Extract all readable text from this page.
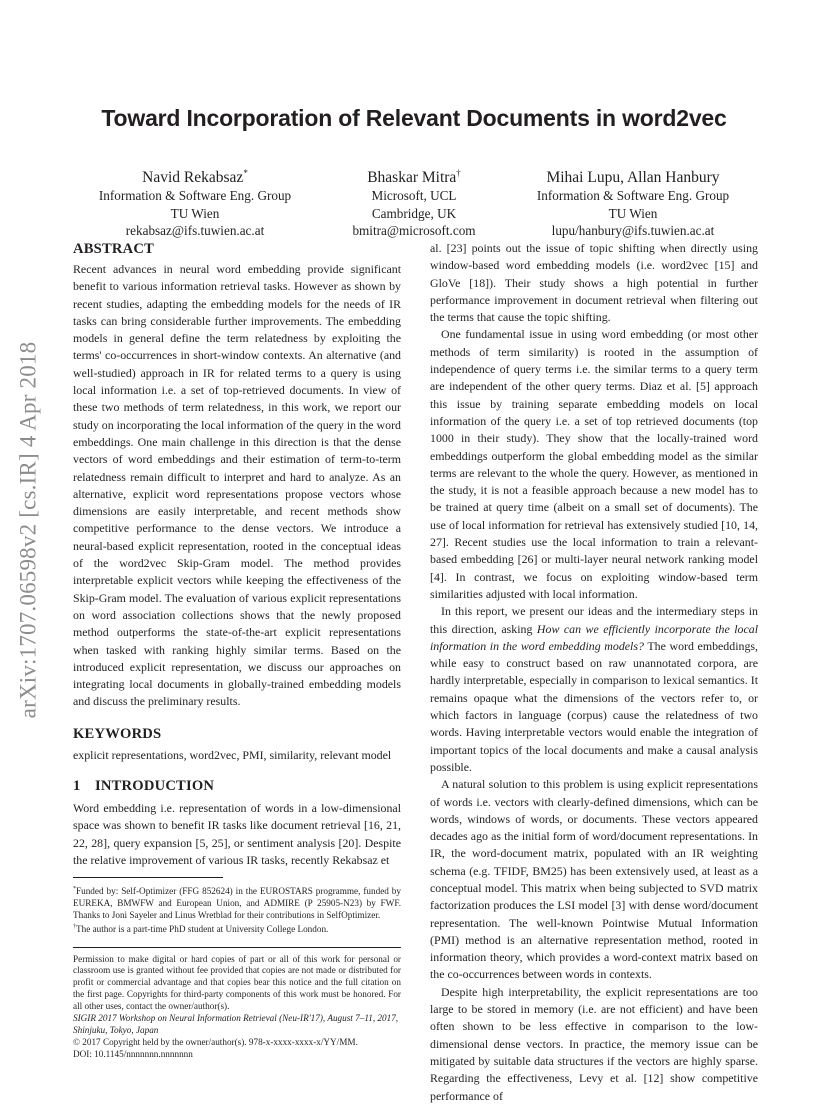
arXiv:1707.06598v2 [cs.IR] 4 Apr 2018
Toward Incorporation of Relevant Documents in word2vec
Navid Rekabsaz*
Information & Software Eng. Group
TU Wien
rekabsaz@ifs.tuwien.ac.at
Bhaskar Mitra†
Microsoft, UCL
Cambridge, UK
bmitra@microsoft.com
Mihai Lupu, Allan Hanbury
Information & Software Eng. Group
TU Wien
lupu/hanbury@ifs.tuwien.ac.at
ABSTRACT

Recent advances in neural word embedding provide significant benefit to various information retrieval tasks. However as shown by recent studies, adapting the embedding models for the needs of IR tasks can bring considerable further improvements. The embedding models in general define the term relatedness by exploiting the terms' co-occurrences in short-window contexts. An alternative (and well-studied) approach in IR for related terms to a query is using local information i.e. a set of top-retrieved documents. In view of these two methods of term relatedness, in this work, we report our study on incorporating the local information of the query in the word embeddings. One main challenge in this direction is that the dense vectors of word embeddings and their estimation of term-to-term relatedness remain difficult to interpret and hard to analyze. As an alternative, explicit word representations propose vectors whose dimensions are easily interpretable, and recent methods show competitive performance to the dense vectors. We introduce a neural-based explicit representation, rooted in the conceptual ideas of the word2vec Skip-Gram model. The method provides interpretable explicit vectors while keeping the effectiveness of the Skip-Gram model. The evaluation of various explicit representations on word association collections shows that the newly proposed method outperforms the state-of-the-art explicit representations when tasked with ranking highly similar terms. Based on the introduced explicit representation, we discuss our approaches on integrating local documents in globally-trained embedding models and discuss the preliminary results.

KEYWORDS

explicit representations, word2vec, PMI, similarity, relevant model

1 INTRODUCTION

Word embedding i.e. representation of words in a low-dimensional space was shown to benefit IR tasks like document retrieval [16, 21, 22, 28], query expansion [5, 25], or sentiment analysis [20]. Despite the relative improvement of various IR tasks, recently Rekabsaz et

*Funded by: Self-Optimizer (FFG 852624) in the EUROSTARS programme, funded by EUREKA, BMWFW and European Union, and ADMIRE (P 25905-N23) by FWF. Thanks to Joni Sayeler and Linus Wretblad for their contributions in SelfOptimizer.

†The author is a part-time PhD student at University College London.

Permission to make digital or hard copies of part or all of this work for personal or classroom use is granted without fee provided that copies are not made or distributed for profit or commercial advantage and that copies bear this notice and the full citation on the first page. Copyrights for third-party components of this work must be honored. For all other uses, contact the owner/author(s).

SIGIR 2017 Workshop on Neural Information Retrieval (Neu-IR'17), August 7–11, 2017, Shinjuku, Tokyo, Japan

© 2017 Copyright held by the owner/author(s). 978-x-xxxx-xxxx-x/YY/MM.

DOI: 10.1145/nnnnnnn.nnnnnnn

al. [23] points out the issue of topic shifting when directly using window-based word embedding models (i.e. word2vec [15] and GloVe [18]). Their study shows a high potential in further performance improvement in document retrieval when filtering out the terms that cause the topic shifting.

One fundamental issue in using word embedding (or most other methods of term similarity) is rooted in the assumption of independence of query terms i.e. the similar terms to a query term are independent of the other query terms. Diaz et al. [5] approach this issue by training separate embedding models on local information of the query i.e. a set of top retrieved documents (top 1000 in their study). They show that the locally-trained word embeddings outperform the global embedding model as the similar terms are relevant to the whole the query. However, as mentioned in the study, it is not a feasible approach because a new model has to be trained at query time (albeit on a small set of documents). The use of local information for retrieval has extensively studied [10, 14, 27]. Recent studies use the local information to train a relevant-based embedding [26] or multi-layer neural network ranking model [4]. In contrast, we focus on exploiting window-based term similarities adjusted with local information.

In this report, we present our ideas and the intermediary steps in this direction, asking How can we efficiently incorporate the local information in the word embedding models? The word embeddings, while easy to construct based on raw unannotated corpora, are hardly interpretable, especially in comparison to lexical semantics. It remains opaque what the dimensions of the vectors refer to, or which factors in language (corpus) cause the relatedness of two words. Having interpretable vectors would enable the integration of important topics of the local documents and make a causal analysis possible.

A natural solution to this problem is using explicit representations of words i.e. vectors with clearly-defined dimensions, which can be words, windows of words, or documents. These vectors appeared decades ago as the initial form of word/document representations. In IR, the word-document matrix, populated with an IR weighting schema (e.g. TFIDF, BM25) has been extensively used, at least as a conceptual model. This matrix when being subjected to SVD matrix factorization produces the LSI model [3] with dense word/document representation. The well-known Pointwise Mutual Information (PMI) method is an alternative representation method, rooted in information theory, which provides a word-context matrix based on the co-occurrences between words in contexts.

Despite high interpretability, the explicit representations are too large to be stored in memory (i.e. are not efficient) and have been often shown to be less effective in comparison to the low-dimensional dense vectors. In practice, the memory issue can be mitigated by suitable data structures if the vectors are highly sparse. Regarding the effectiveness, Levy et al. [12] show competitive performance of
